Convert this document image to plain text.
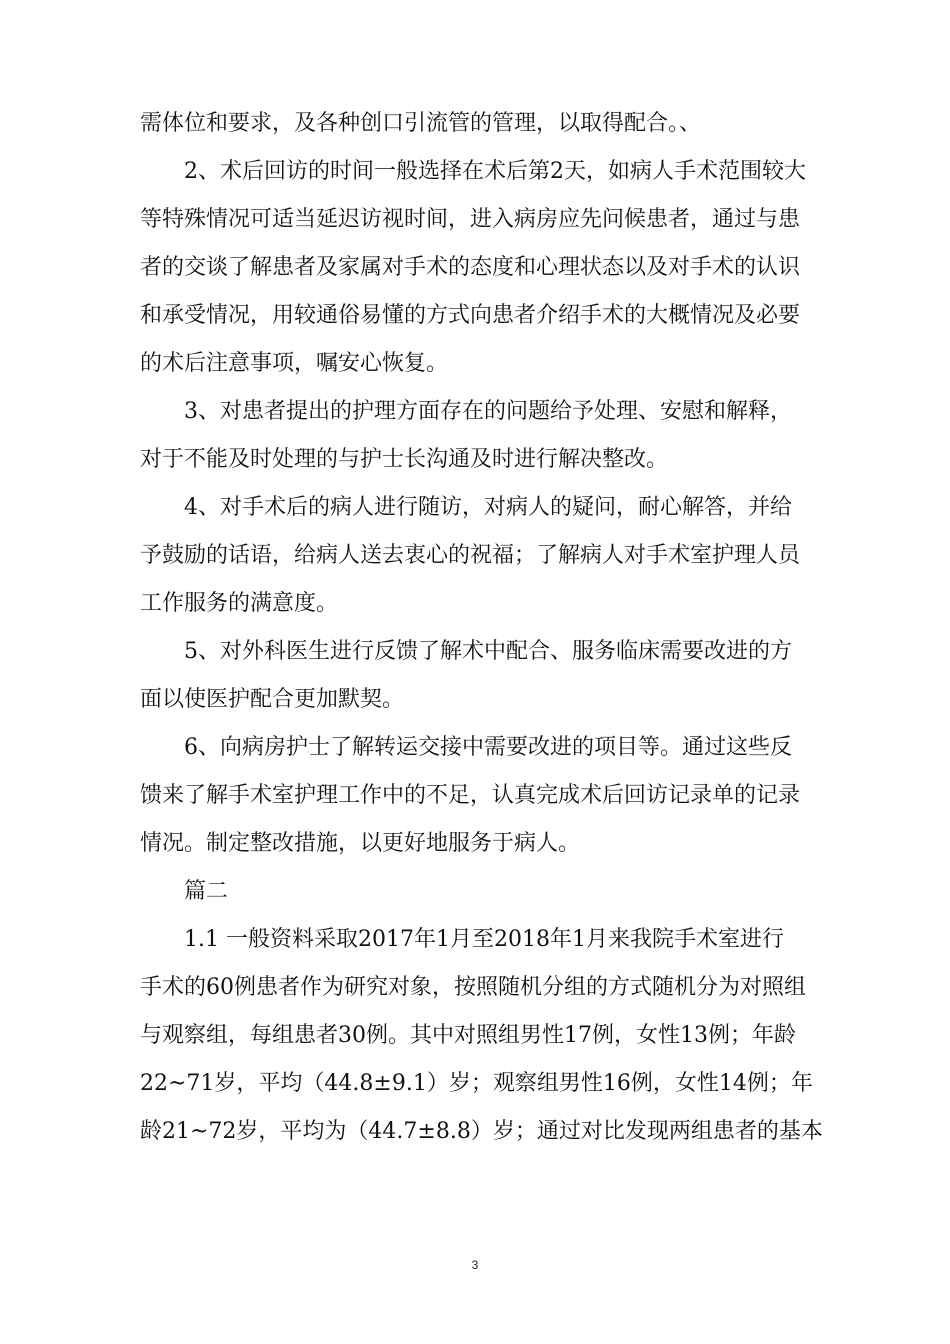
需体位和要求，及各种创口引流管的管理，以取得配合。、
2、术后回访的时间一般选择在术后第2天，如病人手术范围较大
等特殊情况可适当延迟访视时间，进入病房应先问候患者，通过与患
者的交谈了解患者及家属对手术的态度和心理状态以及对手术的认识
和承受情况，用较通俗易懂的方式向患者介绍手术的大概情况及必要
的术后注意事项，嘱安心恢复。
3、对患者提出的护理方面存在的问题给予处理、安慰和解释，
对于不能及时处理的与护士长沟通及时进行解决整改。
4、对手术后的病人进行随访，对病人的疑问，耐心解答，并给
予鼓励的话语，给病人送去衷心的祝福；了解病人对手术室护理人员
工作服务的满意度。
5、对外科医生进行反馈了解术中配合、服务临床需要改进的方
面以使医护配合更加默契。
6、向病房护士了解转运交接中需要改进的项目等。通过这些反
馈来了解手术室护理工作中的不足，认真完成术后回访记录单的记录
情况。制定整改措施，以更好地服务于病人。
篇二
1.1 一般资料采取2017年1月至2018年1月来我院手术室进行
手术的60例患者作为研究对象，按照随机分组的方式随机分为对照组
与观察组，每组患者30例。其中对照组男性17例，女性13例；年龄
22~71岁，平均（44.8±9.1）岁；观察组男性16例，女性14例；年
龄21~72岁，平均为（44.7±8.8）岁；通过对比发现两组患者的基本
3
